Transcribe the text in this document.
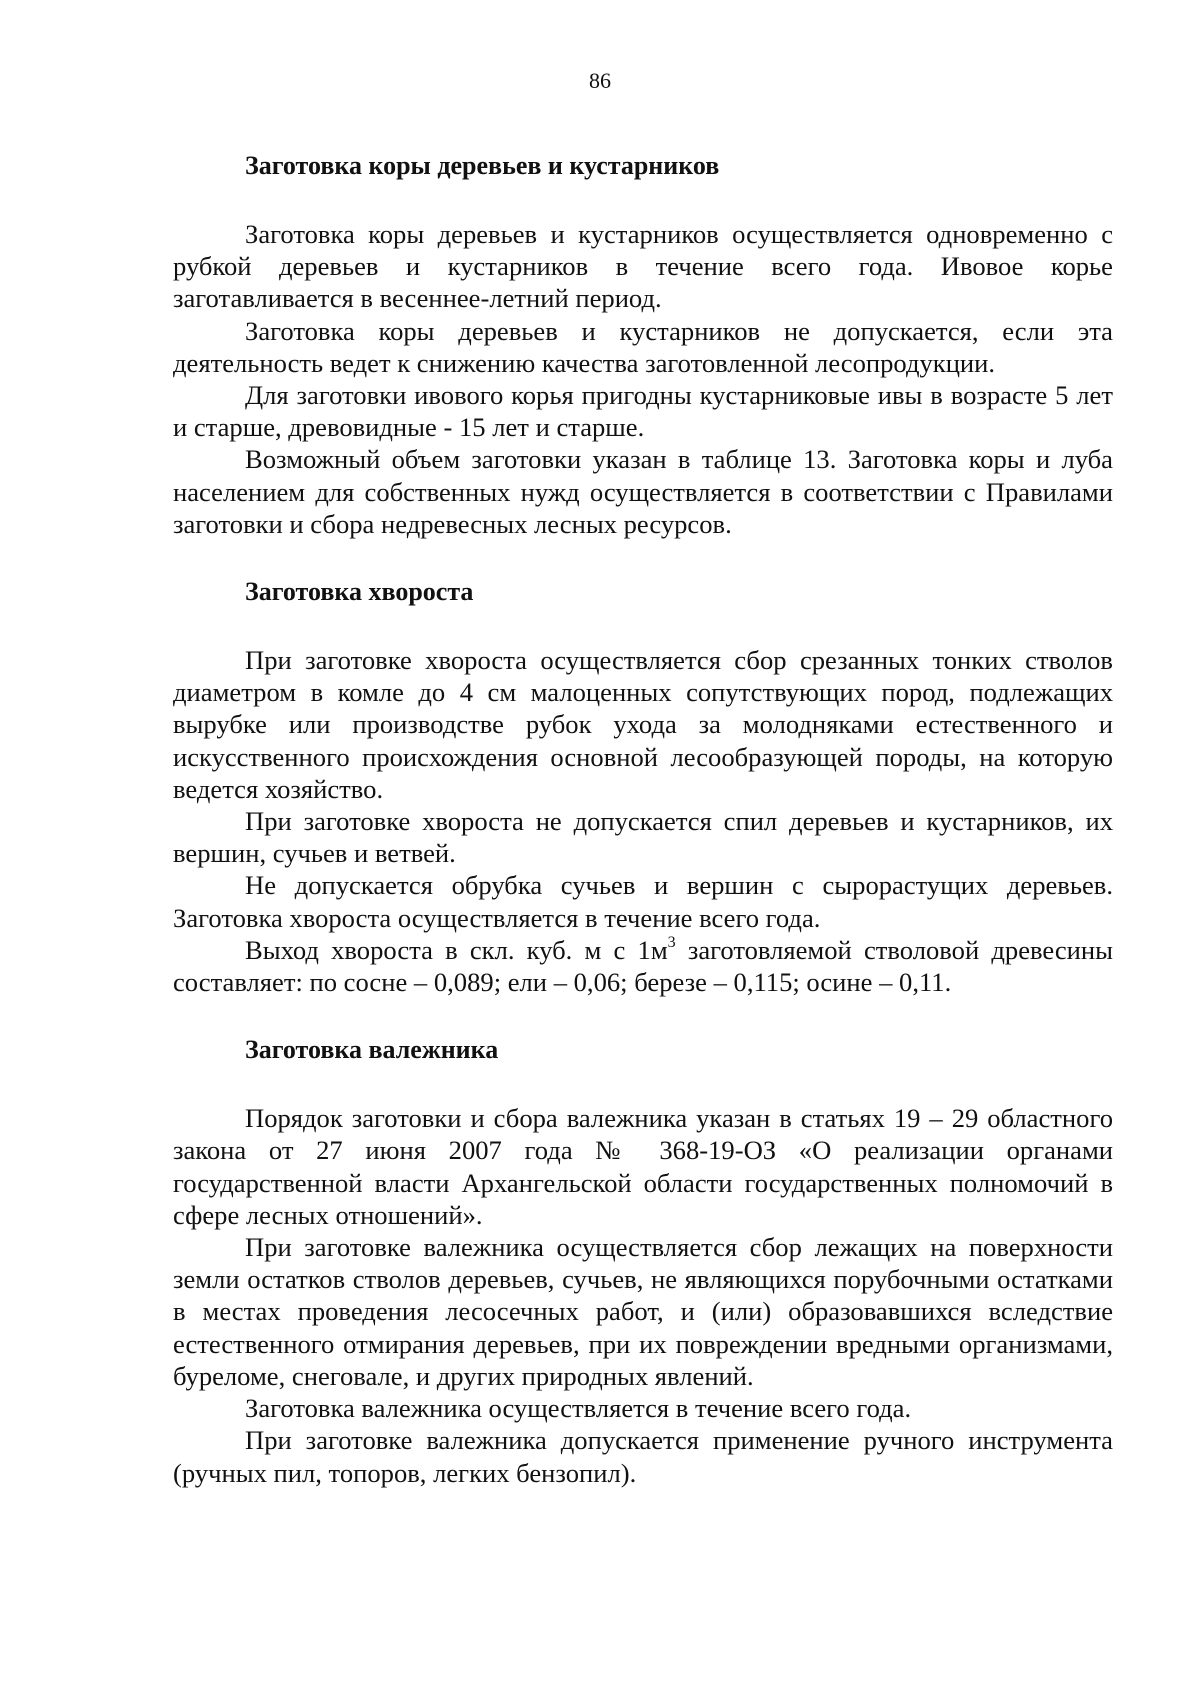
86

Заготовка коры деревьев и кустарников

Заготовка коры деревьев и кустарников осуществляется одновременно с рубкой деревьев и кустарников в течение всего года. Ивовое корье заготавливается в весеннее-летний период.

Заготовка коры деревьев и кустарников не допускается, если эта деятельность ведет к снижению качества заготовленной лесопродукции.

Для заготовки ивового корья пригодны кустарниковые ивы в возрасте 5 лет и старше, древовидные - 15 лет и старше.

Возможный объем заготовки указан в таблице 13. Заготовка коры и луба населением для собственных нужд осуществляется в соответствии с Правилами заготовки и сбора недревесных лесных ресурсов.

Заготовка хвороста

При заготовке хвороста осуществляется сбор срезанных тонких стволов диаметром в комле до 4 см малоценных сопутствующих пород, подлежащих вырубке или производстве рубок ухода за молодняками естественного и искусственного происхождения основной лесообразующей породы, на которую ведется хозяйство.

При заготовке хвороста не допускается спил деревьев и кустарников, их вершин, сучьев и ветвей.

Не допускается обрубка сучьев и вершин с сырорастущих деревьев. Заготовка хвороста осуществляется в течение всего года.

Выход хвороста в скл. куб. м с $1м^3$ заготовляемой стволовой древесины составляет: по сосне – 0,089; ели – 0,06; березе – 0,115; осине – 0,11.

Заготовка валежника

Порядок заготовки и сбора валежника указан в статьях 19 – 29 областного закона от 27 июня 2007 года № 368-19-ОЗ «О реализации органами государственной власти Архангельской области государственных полномочий в сфере лесных отношений».

При заготовке валежника осуществляется сбор лежащих на поверхности земли остатков стволов деревьев, сучьев, не являющихся порубочными остатками в местах проведения лесосечных работ, и (или) образовавшихся вследствие естественного отмирания деревьев, при их повреждении вредными организмами, буреломе, снеговале, и других природных явлений.

Заготовка валежника осуществляется в течение всего года.

При заготовке валежника допускается применение ручного инструмента (ручных пил, топоров, легких бензопил).
